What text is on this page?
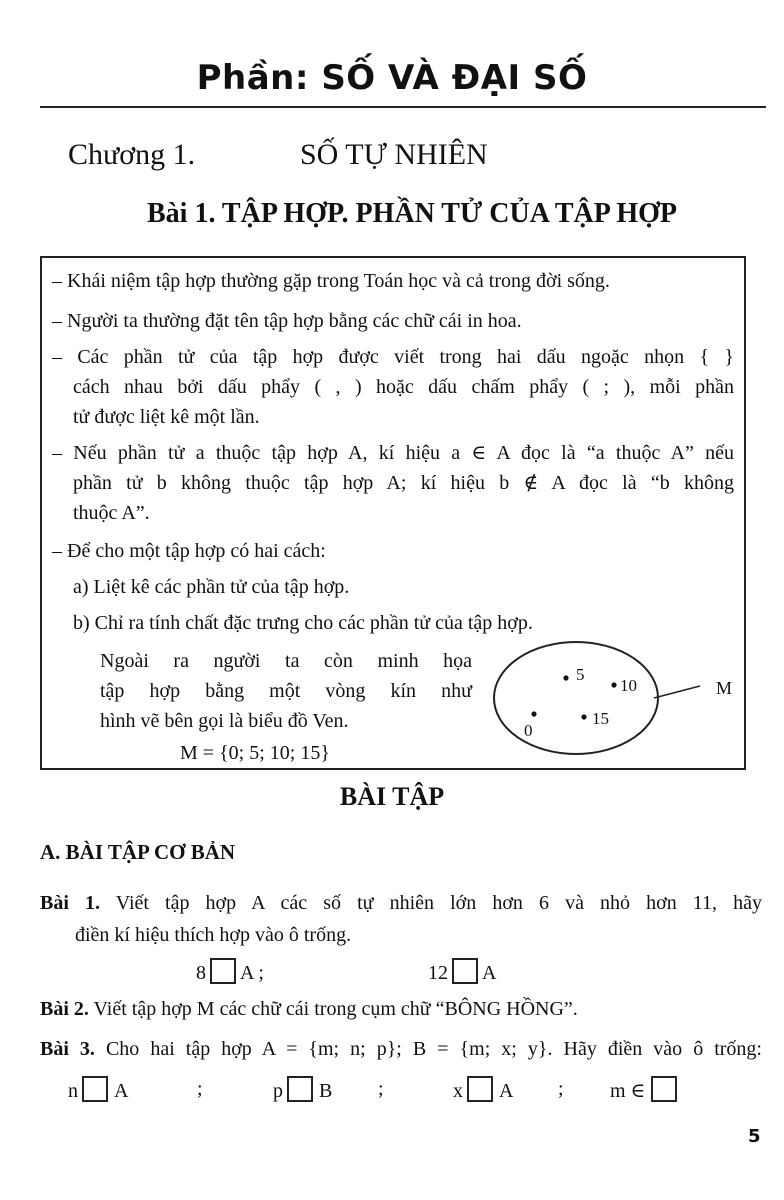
Phần: SỐ VÀ ĐẠI SỐ
Chương 1.	SỐ TỰ NHIÊN
Bài 1. TẬP HỢP. PHẦN TỬ CỦA TẬP HỢP
– Khái niệm tập hợp thường gặp trong Toán học và cả trong đời sống.
– Người ta thường đặt tên tập hợp bằng các chữ cái in hoa.
– Các phần tử của tập hợp được viết trong hai dấu ngoặc nhọn { }
cách nhau bởi dấu phẩy ( , ) hoặc dấu chấm phẩy ( ; ), mỗi phần
tử được liệt kê một lần.
– Nếu phần tử a thuộc tập hợp A, kí hiệu a ∈ A đọc là “a thuộc A” nếu
phần tử b không thuộc tập hợp A; kí hiệu b ∉ A đọc là “b không
thuộc A”.
– Để cho một tập hợp có hai cách:
a) Liệt kê các phần tử của tập hợp.
b) Chỉ ra tính chất đặc trưng cho các phần tử của tập hợp.
Ngoài ra người ta còn minh họa
tập hợp bằng một vòng kín như
hình vẽ bên gọi là biểu đồ Ven.
M = {0; 5; 10; 15}
M
5
10
0
15
BÀI TẬP
A. BÀI TẬP CƠ BẢN
Bài 1. Viết tập hợp A các số tự nhiên lớn hơn 6 và nhỏ hơn 11, hãy
điền kí hiệu thích hợp vào ô trống.
8 A ;	12 A
Bài 2. Viết tập hợp M các chữ cái trong cụm chữ “BÔNG HỒNG”.
Bài 3. Cho hai tập hợp A = {m; n; p}; B = {m; x; y}. Hãy điền vào ô trống:
n A	;	p B ;	x A ; m ∈
5
